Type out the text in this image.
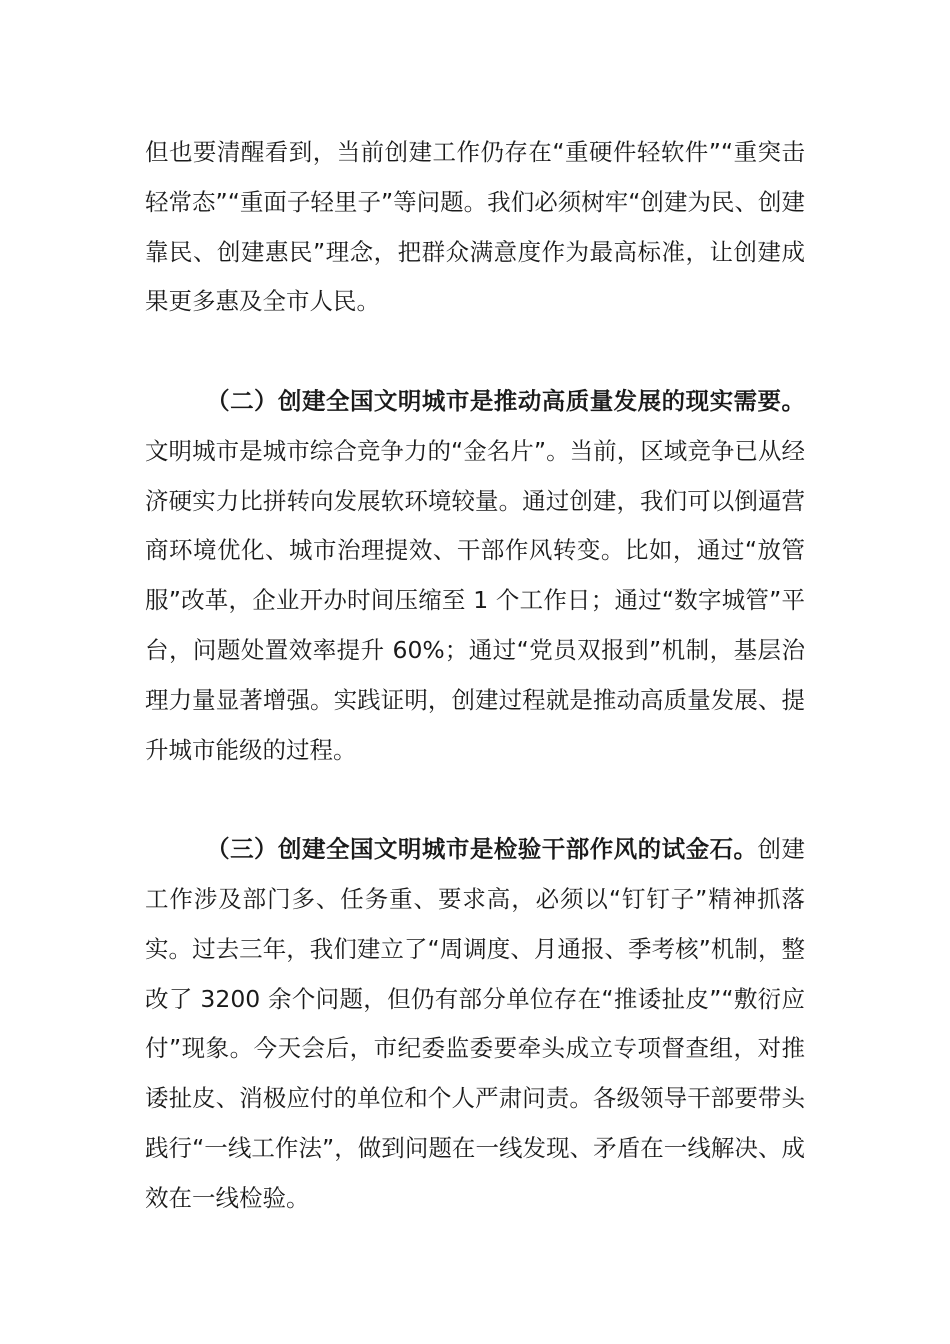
但也要清醒看到，当前创建工作仍存在“重硬件轻软件”“重突击轻常态”“重面子轻里子”等问题。我们必须树牢“创建为民、创建靠民、创建惠民”理念，把群众满意度作为最高标准，让创建成果更多惠及全市人民。

（二）创建全国文明城市是推动高质量发展的现实需要。文明城市是城市综合竞争力的“金名片”。当前，区域竞争已从经济硬实力比拼转向发展软环境较量。通过创建，我们可以倒逼营商环境优化、城市治理提效、干部作风转变。比如，通过“放管服”改革，企业开办时间压缩至 1 个工作日；通过“数字城管”平台，问题处置效率提升 60%；通过“党员双报到”机制，基层治理力量显著增强。实践证明，创建过程就是推动高质量发展、提升城市能级的过程。

（三）创建全国文明城市是检验干部作风的试金石。创建工作涉及部门多、任务重、要求高，必须以“钉钉子”精神抓落实。过去三年，我们建立了“周调度、月通报、季考核”机制，整改了 3200 余个问题，但仍有部分单位存在“推诿扯皮”“敷衍应付”现象。今天会后，市纪委监委要牵头成立专项督查组，对推诿扯皮、消极应付的单位和个人严肃问责。各级领导干部要带头践行“一线工作法”，做到问题在一线发现、矛盾在一线解决、成效在一线检验。
